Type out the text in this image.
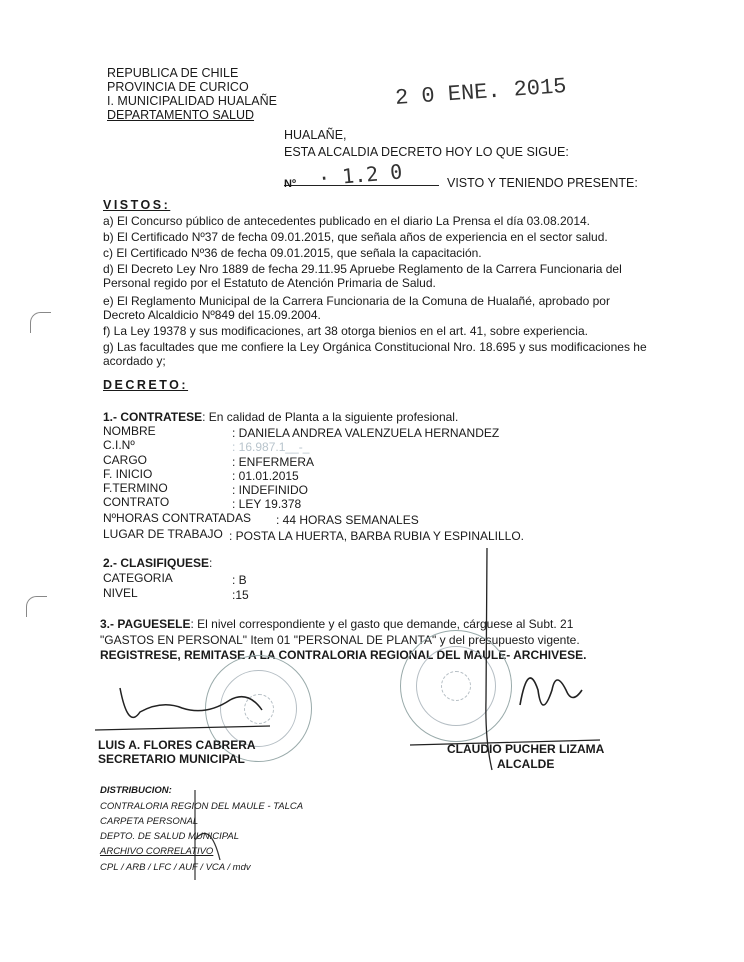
REPUBLICA DE CHILE
PROVINCIA DE CURICO
I. MUNICIPALIDAD HUALAÑE
DEPARTAMENTO SALUD
2 0 ENE. 2015
HUALAÑE,
ESTA ALCALDIA DECRETO HOY LO QUE SIGUE:
Nº · 1.2 0	VISTO Y TENIENDO PRESENTE:
VISTOS:
a) El Concurso público de antecedentes publicado en el diario La Prensa el día 03.08.2014.
b) El Certificado Nº37 de fecha 09.01.2015, que señala años de experiencia en el sector salud.
c) El Certificado Nº36 de fecha 09.01.2015, que señala la capacitación.
d) El Decreto Ley Nro 1889 de fecha 29.11.95 Apruebe Reglamento de la Carrera Funcionaria del
Personal regido por el Estatuto de Atención Primaria de Salud.
e) El Reglamento Municipal de la Carrera Funcionaria de la Comuna de Hualañé, aprobado por
Decreto Alcaldicio Nº849 del 15.09.2004.
f) La Ley 19378 y sus modificaciones, art 38 otorga bienios en el art. 41, sobre experiencia.
g) Las facultades que me confiere la Ley Orgánica Constitucional Nro. 18.695 y sus modificaciones he
acordado y;
DECRETO:
1.- CONTRATESE: En calidad de Planta a la siguiente profesional.
NOMBRE	: DANIELA ANDREA VALENZUELA HERNANDEZ
C.I.Nº	: 16.987.1__-_
CARGO	: ENFERMERA
F. INICIO	: 01.01.2015
F.TERMINO	: INDEFINIDO
CONTRATO	: LEY 19.378
NºHORAS CONTRATADAS : 44 HORAS SEMANALES
LUGAR DE TRABAJO : POSTA LA HUERTA, BARBA RUBIA Y ESPINALILLO.
2.- CLASIFIQUESE:
CATEGORIA	: B
NIVEL	:15
3.- PAGUESELE: El nivel correspondiente y el gasto que demande, cárguese al Subt. 21
"GASTOS EN PERSONAL" Item 01 "PERSONAL DE PLANTA" y del presupuesto vigente.
REGISTRESE, REMITASE A LA CONTRALORIA REGIONAL DEL MAULE- ARCHIVESE.
LUIS A. FLORES CABRERA
SECRETARIO MUNICIPAL
CLAUDIO PUCHER LIZAMA
ALCALDE
DISTRIBUCION:
CONTRALORIA REGION DEL MAULE - TALCA
CARPETA PERSONAL
DEPTO. DE SALUD MUNICIPAL
ARCHIVO CORRELATIVO
CPL / ARB / LFC / AUF / VCA / mdv
